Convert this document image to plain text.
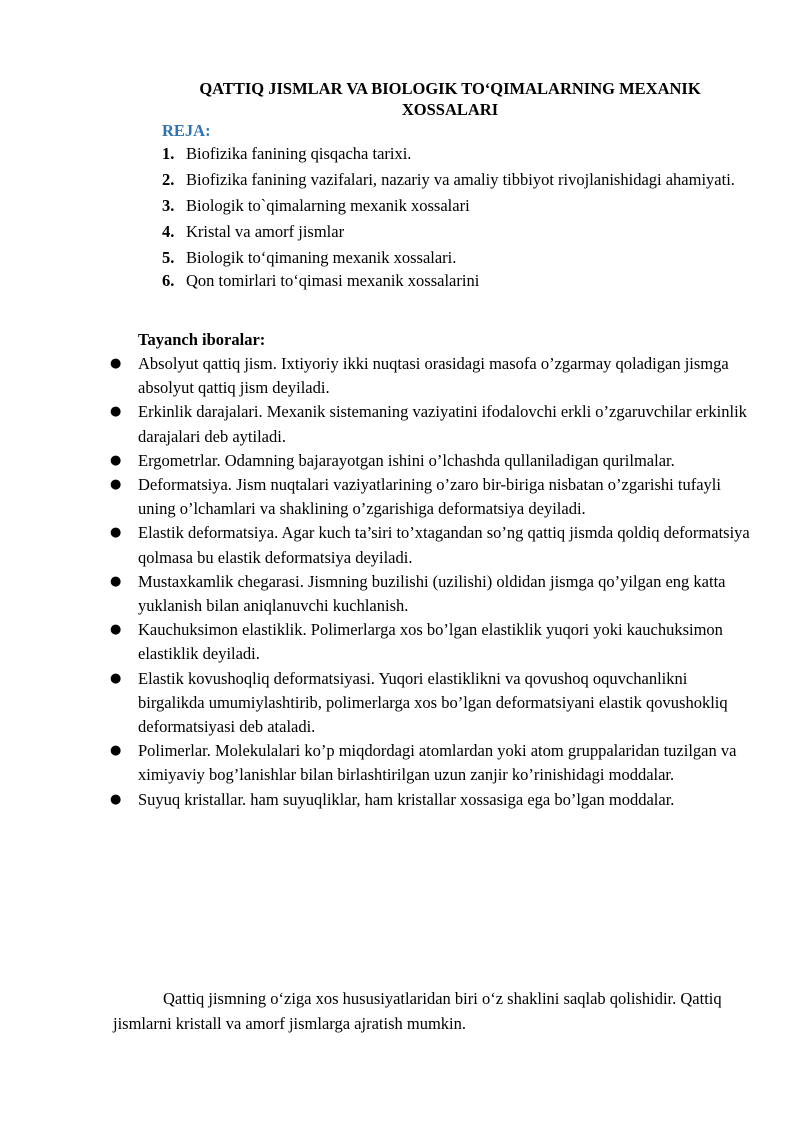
QATTIQ JISMLAR VA BIOLOGIK TO‘QIMALARNING MEXANIK XOSSALARI
REJA:
1. Biofizika fanining qisqacha tarixi.
2. Biofizika fanining vazifalari, nazariy va amaliy tibbiyot rivojlanishidagi ahamiyati.
3. Biologik to`qimalarning mexanik xossalari
4. Kristal va amorf jismlar
5. Biologik to‘qimaning mexanik xossalari.
6. Qon tomirlari to‘qimasi mexanik xossalarini
Tayanch iboralar:
● Absolyut qattiq jism. Ixtiyoriy ikki nuqtasi orasidagi masofa o’zgarmay qoladigan jismga absolyut qattiq jism deyiladi.
● Erkinlik darajalari. Mexanik sistemaning vaziyatini ifodalovchi erkli o’zgaruvchilar erkinlik darajalari deb aytiladi.
● Ergometrlar. Odamning bajarayotgan ishini o’lchashda qullaniladigan qurilmalar.
● Deformatsiya. Jism nuqtalari vaziyatlarining o’zaro bir-biriga nisbatan o’zgarishi tufayli uning o’lchamlari va shaklining o’zgarishiga deformatsiya deyiladi.
● Elastik deformatsiya. Agar kuch ta’siri to’xtagandan so’ng qattiq jismda qoldiq deformatsiya qolmasa bu elastik deformatsiya deyiladi.
● Mustaxkamlik chegarasi. Jismning buzilishi (uzilishi) oldidan jismga qo’yilgan eng katta yuklanish bilan aniqlanuvchi kuchlanish.
● Kauchuksimon elastiklik. Polimerlarga xos bo’lgan elastiklik yuqori yoki kauchuksimon elastiklik deyiladi.
● Elastik kovushoqliq deformatsiyasi. Yuqori elastiklikni va qovushoq oquvchanlikni birgalikda umumiylashtirib, polimerlarga xos bo’lgan deformatsiyani elastik qovushokliq deformatsiyasi deb ataladi.
● Polimerlar. Molekulalari ko’p miqdordagi atomlardan yoki atom gruppalaridan tuzilgan va ximiyaviy bog’lanishlar bilan birlashtirilgan uzun zanjir ko’rinishidagi moddalar.
● Suyuq kristallar. ham suyuqliklar, ham kristallar xossasiga ega bo’lgan moddalar.
Qattiq jismning o‘ziga xos hususiyatlaridan biri o‘z shaklini saqlab qolishidir. Qattiq jismlarni kristall va amorf jismlarga ajratish mumkin.
